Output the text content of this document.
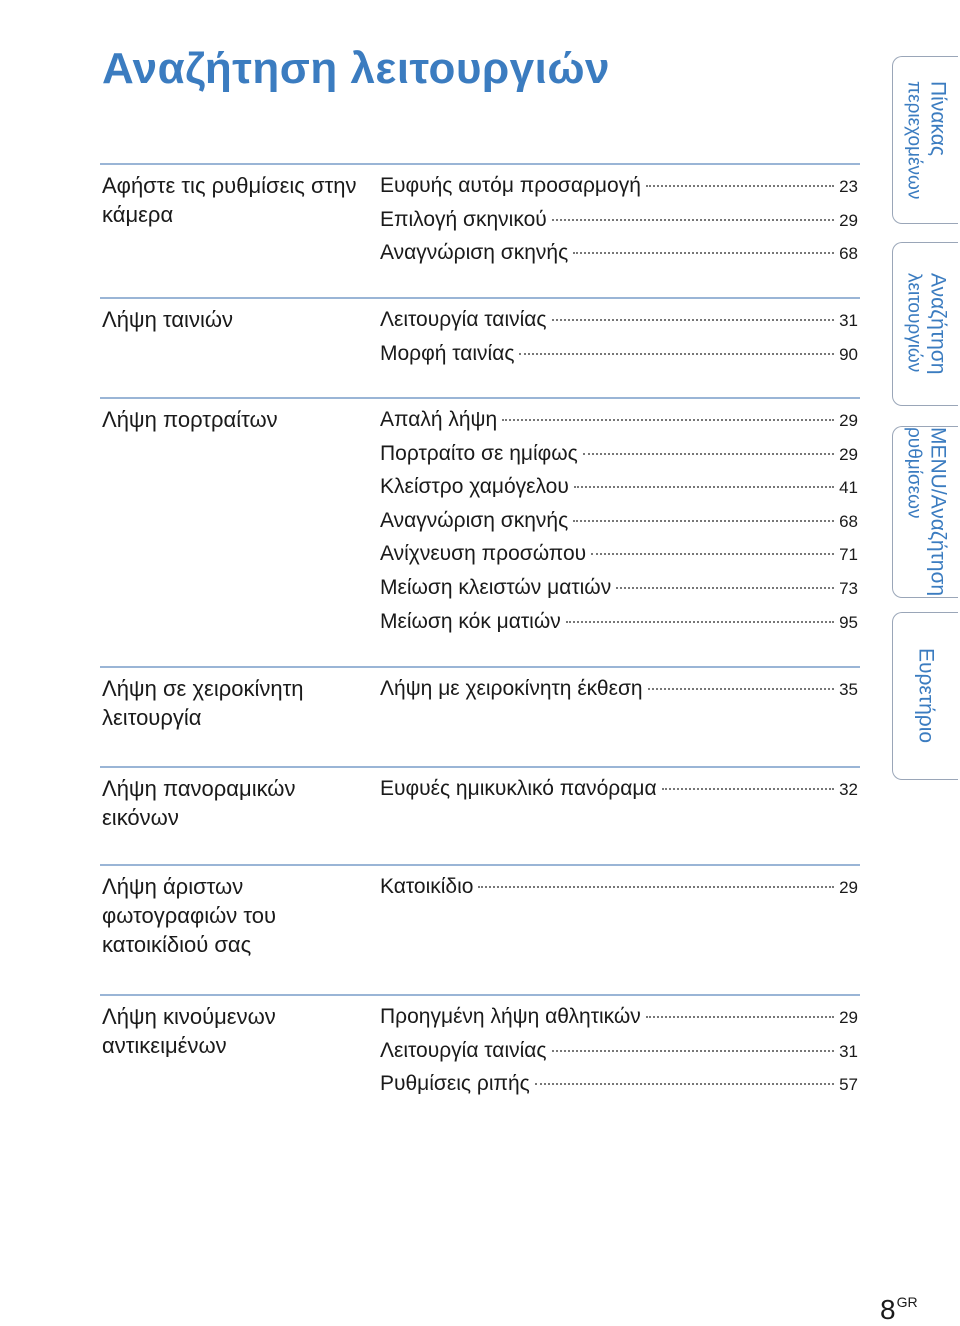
Αναζήτηση λειτουργιών
Αφήστε τις ρυθμίσεις στην κάμερα
Ευφυής αυτόμ προσαρμογή	23
Επιλογή σκηνικού	29
Αναγνώριση σκηνής	68
Λήψη ταινιών	Λειτουργία ταινίας	31
Μορφή ταινίας	90
Λήψη πορτραίτων	Απαλή λήψη	29
Πορτραίτο σε ημίφως	29
Κλείστρο χαμόγελου	41
Αναγνώριση σκηνής	68
Ανίχνευση προσώπου	71
Μείωση κλειστών ματιών	73
Μείωση κόκ ματιών	95
Λήψη σε χειροκίνητη λειτουργία
Λήψη με χειροκίνητη έκθεση	35
Λήψη πανοραμικών εικόνων
Ευφυές ημικυκλικό πανόραμα	32
Λήψη άριστων φωτογραφιών του κατοικίδιού σας
Κατοικίδιο	29
Λήψη κινούμενων αντικειμένων
Προηγμένη λήψη αθλητικών	29
Λειτουργία ταινίας	31
Ρυθμίσεις ριπής	57
Πίνακας
περιεχομένων
Αναζήτηση
λειτουργιών
MENU/Αναζήτηση
ρυθμίσεων
Ευρετήριο
$8^{GR}$
